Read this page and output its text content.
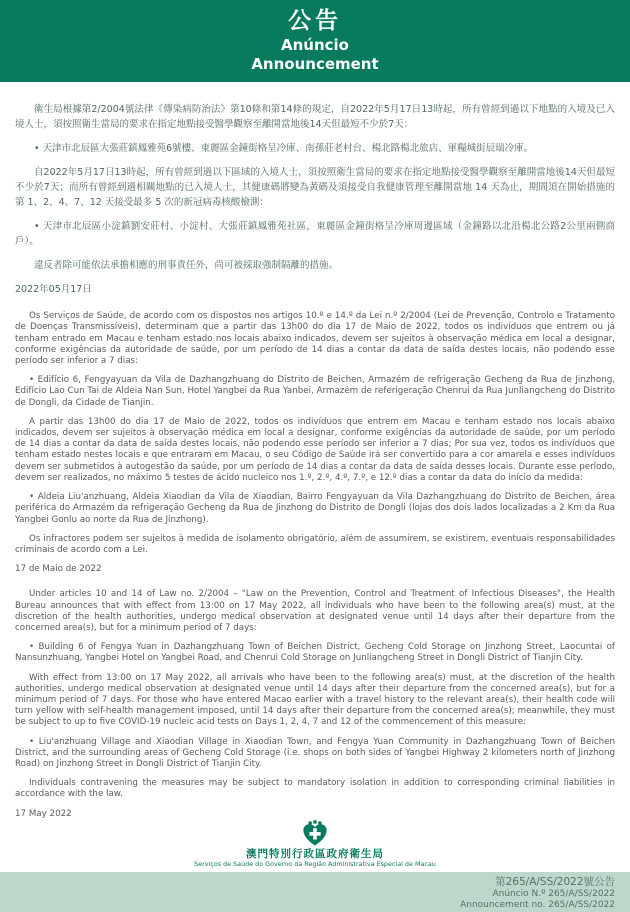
公告
Anúncio
Announcement

衛生局根據第2/2004號法律《傳染病防治法》第10條和第14條的規定，自2022年5月17日13時起，所有曾經到過以下地點的入境及已入境人士，須按照衛生當局的要求在指定地點接受醫學觀察至離開當地後14天但最短不少於7天：

• 天津市北辰區大張莊鎮鳳雅苑6號樓、東麗區金鐘街格呈冷庫、南孫莊老村台、楊北路楊北旅店、軍糧城街辰瑞冷庫。

自2022年5月17日13時起，所有曾經到過以下區域的入境人士，須按照衛生當局的要求在指定地點接受醫學觀察至離開當地後14天但最短不少於7天；而所有曾經到過相關地點的已入境人士，其健康碼將變為黃碼及須接受自我健康管理至離開當地 14 天為止，期間須在開始措施的第 1、2、4、7、12 天接受最多 5 次的新冠病毒核酸檢測：

• 天津市北辰區小淀鎮劉安莊村、小淀村、大張莊鎮鳳雅苑社區，東麗區金鐘街格呈冷庫周邊區域（金鐘路以北沿楊北公路2公里兩側商戶）。

違反者除可能依法承擔相應的刑事責任外，尚可被採取強制隔離的措施。

2022年05月17日

Os Serviços de Saúde, de acordo com os dispostos nos artigos 10.º e 14.º da Lei n.º 2/2004 (Lei de Prevenção, Controlo e Tratamento de Doenças Transmissíveis), determinam que a partir das 13h00 do dia 17 de Maio de 2022, todos os indivíduos que entrem ou já tenham entrado em Macau e tenham estado nos locais abaixo indicados, devem ser sujeitos à observação médica em local a designar, conforme exigências da autoridade de saúde, por um período de 14 dias a contar da data de saída destes locais, não podendo esse período ser inferior a 7 dias:

• Edifício 6, Fengyayuan da Vila de Dazhangzhuang do Distrito de Beichen, Armazém de refrigeração Gecheng da Rua de Jinzhong, Edifício Lao Cun Tai de Aldeia Nan Sun, Hotel Yangbei da Rua Yanbei, Armazém de referigeração Chenrui da Rua Junliangcheng do Distrito de Dongli, da Cidade de Tianjin.

A partir das 13h00 do dia 17 de Maio de 2022, todos os indivíduos que entrem em Macau e tenham estado nos locais abaixo indicados, devem ser sujeitos à observação médica em local a designar, conforme exigências da autoridade de saúde, por um período de 14 dias a contar da data de saída destes locais, não podendo esse período ser inferior a 7 dias; Por sua vez, todos os indivíduos que tenham estado nestes locais e que entraram em Macau, o seu Código de Saúde irá ser convertido para a cor amarela e esses indivíduos devem ser submetidos à autogestão da saúde, por um período de 14 dias a contar da data de saída desses locais. Durante esse período, devem ser realizados, no máximo 5 testes de ácido nucleico nos 1.º, 2.º, 4.º, 7.º, e 12.º dias a contar da data do início da medida:

• Aldeia Liu'anzhuang, Aldeia Xiaodian da Vila de Xiaodian, Bairro Fengyayuan da Vila Dazhangzhuang do Distrito de Beichen, área periférica do Armazém da refrigeração Gecheng da Rua de Jinzhong do Distrito de Dongli (lojas dos dois lados localizadas a 2 Km da Rua Yangbei Gonlu ao norte da Rua de Jinzhong).

Os infractores podem ser sujeitos à medida de isolamento obrigatório, além de assumirem, se existirem, eventuais responsabilidades criminais de acordo com a Lei.

17 de Maio de 2022

Under articles 10 and 14 of Law no. 2/2004 – "Law on the Prevention, Control and Treatment of Infectious Diseases", the Health Bureau announces that with effect from 13:00 on 17 May 2022, all individuals who have been to the following area(s) must, at the discretion of the health authorities, undergo medical observation at designated venue until 14 days after their departure from the concerned area(s), but for a minimum period of 7 days:

• Building 6 of Fengya Yuan in Dazhangzhuang Town of Beichen District, Gecheng Cold Storage on Jinzhong Street, Laocuntai of Nansunzhuang, Yangbei Hotel on Yangbei Road, and Chenrui Cold Storage on Junliangcheng Street in Dongli District of Tianjin City.

With effect from 13:00 on 17 May 2022, all arrivals who have been to the following area(s) must, at the discretion of the health authorities, undergo medical observation at designated venue until 14 days after their departure from the concerned area(s), but for a minimum period of 7 days. For those who have entered Macao earlier with a travel history to the relevant area(s), their health code will turn yellow with self-health management imposed, until 14 days after their departure from the concerned area(s); meanwhile, they must be subject to up to five COVID-19 nucleic acid tests on Days 1, 2, 4, 7 and 12 of the commencement of this measure:

• Liu'anzhuang Village and Xiaodian Village in Xiaodian Town, and Fengya Yuan Community in Dazhangzhuang Town of Beichen District, and the surrounding areas of Gecheng Cold Storage (i.e. shops on both sides of Yangbei Highway 2 kilometers north of Jinzhong Road) on Jinzhong Street in Dongli District of Tianjin City.

Individuals contravening the measures may be subject to mandatory isolation in addition to corresponding criminal liabilities in accordance with the law.

17 May 2022

澳門特別行政區政府衛生局
Serviços de Saúde do Governo da Região Administrativa Especial de Macau
第265/A/SS/2022號公告
Anúncio N.º 265/A/SS/2022
Announcement no. 265/A/SS/2022
